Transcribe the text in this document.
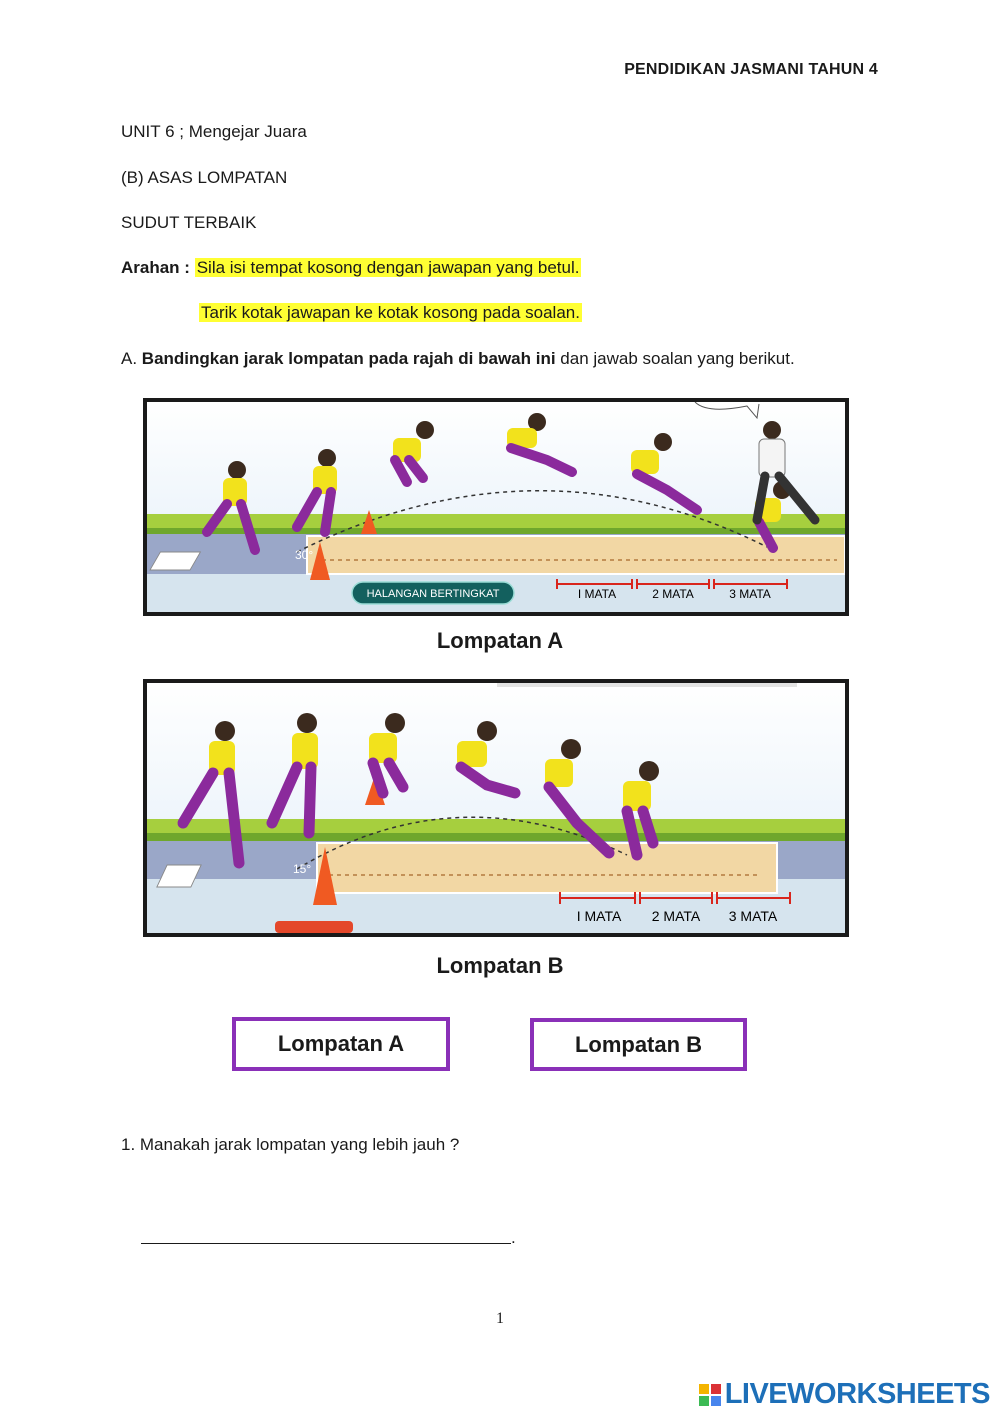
PENDIDIKAN JASMANI TAHUN 4
UNIT 6 ; Mengejar Juara
(B) ASAS LOMPATAN
SUDUT TERBAIK
Arahan : Sila isi tempat kosong dengan jawapan yang betul.
Tarik kotak jawapan ke kotak kosong pada soalan.
A. Bandingkan jarak lompatan pada rajah di bawah ini dan jawab soalan yang berikut.
30°
HALANGAN BERTINGKAT	I MATA	2 MATA	3 MATA
Lompatan A
15°
I MATA 2 MATA 3 MATA
Lompatan B
Lompatan A	Lompatan B
1. Manakah jarak lompatan yang lebih jauh ?
.
1
LIVEWORKSHEETS
